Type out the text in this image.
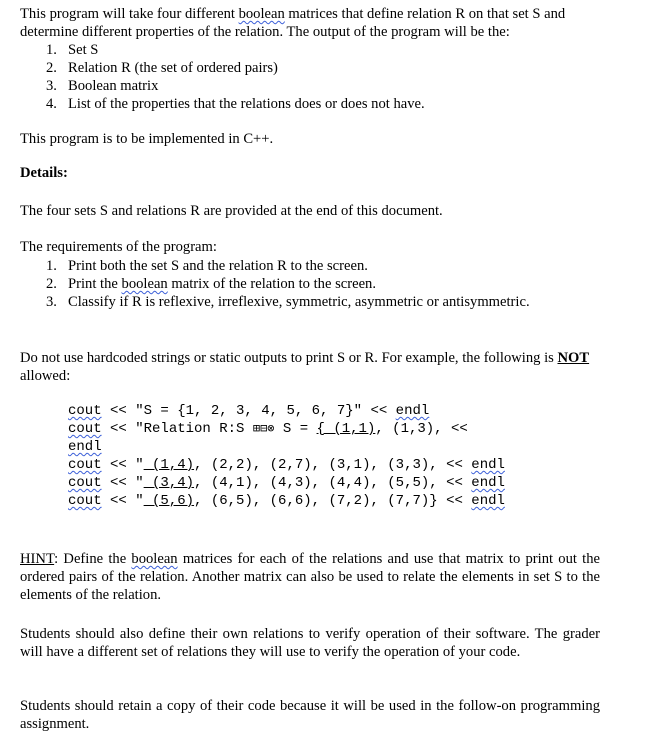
This program will take four different boolean matrices that define relation R on that set S and determine different properties of the relation. The output of the program will be the:

1. Set S
2. Relation R (the set of ordered pairs)
3. Boolean matrix
4. List of the properties that the relations does or does not have.

This program is to be implemented in C++.

Details:

The four sets S and relations R are provided at the end of this document.

The requirements of the program:

1. Print both the set S and the relation R to the screen.
2. Print the boolean matrix of the relation to the screen.
3. Classify if R is reflexive, irreflexive, symmetric, asymmetric or antisymmetric.

Do not use hardcoded strings or static outputs to print S or R. For example, the following is NOT allowed:

cout << "S = {1, 2, 3, 4, 5, 6, 7}" << endl
cout << "Relation R:S ⊞⊟⊗ S = { (1,1), (1,3), <<
endl
cout << " (1,4), (2,2), (2,7), (3,1), (3,3), << endl
cout << " (3,4), (4,1), (4,3), (4,4), (5,5), << endl
cout << " (5,6), (6,5), (6,6), (7,2), (7,7)} << endl

HINT: Define the boolean matrices for each of the relations and use that matrix to print out the ordered pairs of the relation. Another matrix can also be used to relate the elements in set S to the elements of the relation.

Students should also define their own relations to verify operation of their software. The grader will have a different set of relations they will use to verify the operation of your code.

Students should retain a copy of their code because it will be used in the follow-on programming assignment.
